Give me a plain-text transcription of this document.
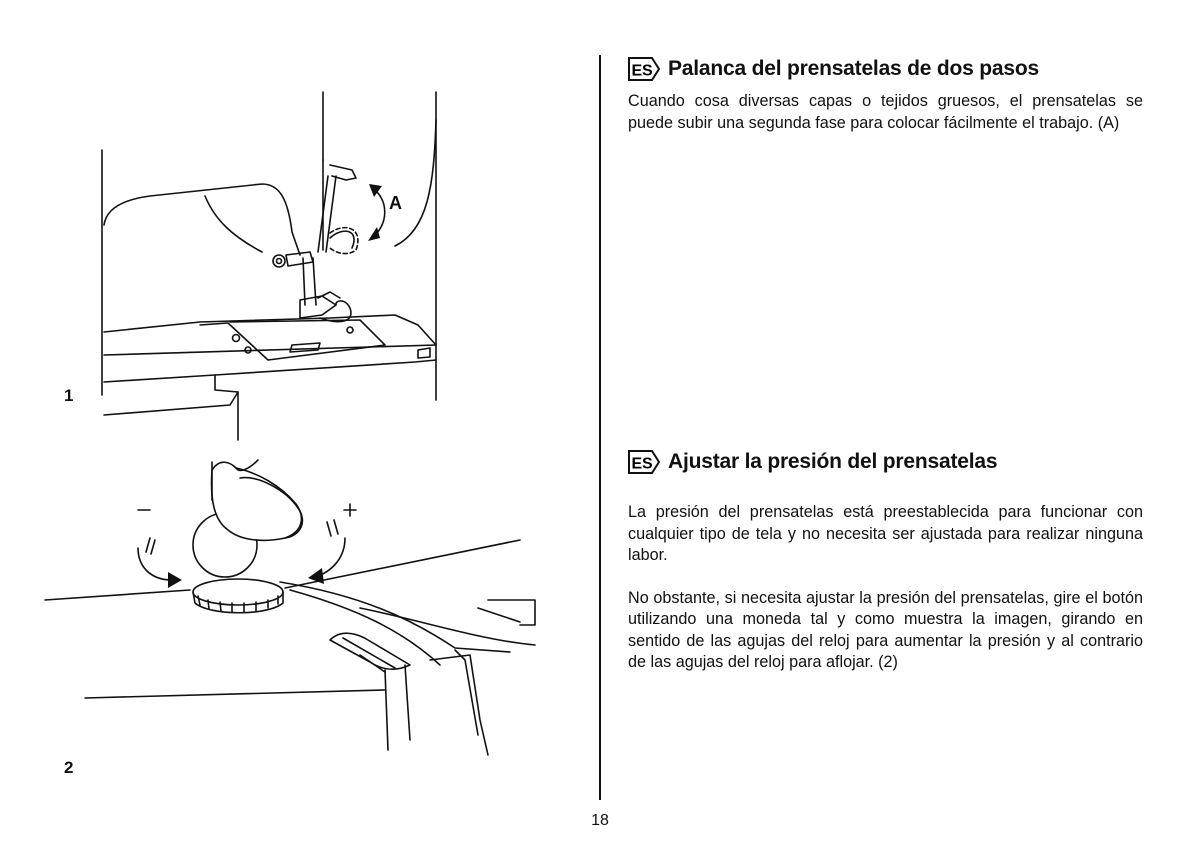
1
A
2
ES Palanca del prensatelas de dos pasos

Cuando cosa diversas capas o tejidos gruesos, el prensatelas se puede subir una segunda fase para colocar fácilmente el trabajo. (A)

ES Ajustar la presión del prensatelas

La presión del prensatelas está preestablecida para funcionar con cualquier tipo de tela y no necesita ser ajustada para realizar ninguna labor.

No obstante, si necesita ajustar la presión del prensatelas, gire el botón utilizando una moneda tal y como muestra la imagen, girando en sentido de las agujas del reloj para aumentar la presión y al contrario de las agujas del reloj para aflojar. (2)

18
